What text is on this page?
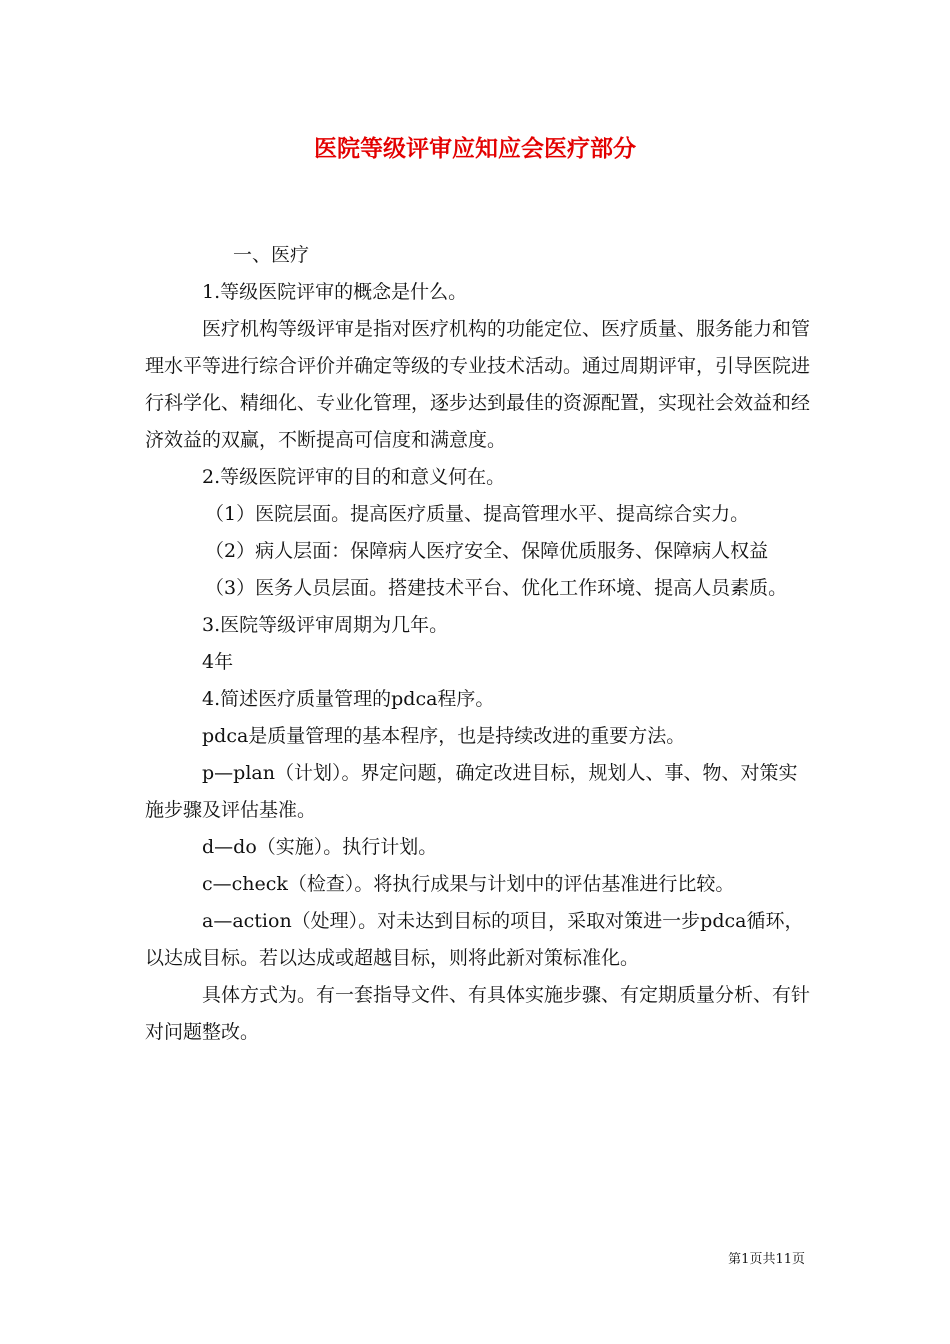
医院等级评审应知应会医疗部分

一、医疗

1.等级医院评审的概念是什么。

医疗机构等级评审是指对医疗机构的功能定位、医疗质量、服务能力和管理水平等进行综合评价并确定等级的专业技术活动。通过周期评审，引导医院进行科学化、精细化、专业化管理，逐步达到最佳的资源配置，实现社会效益和经济效益的双赢，不断提高可信度和满意度。

2.等级医院评审的目的和意义何在。

（1）医院层面。提高医疗质量、提高管理水平、提高综合实力。

（2）病人层面：保障病人医疗安全、保障优质服务、保障病人权益

（3）医务人员层面。搭建技术平台、优化工作环境、提高人员素质。

3.医院等级评审周期为几年。

4年

4.简述医疗质量管理的pdca程序。

pdca是质量管理的基本程序，也是持续改进的重要方法。

p—plan（计划）。界定问题，确定改进目标，规划人、事、物、对策实施步骤及评估基准。

d—do（实施）。执行计划。

c—check（检查）。将执行成果与计划中的评估基准进行比较。

a—action（处理）。对未达到目标的项目，采取对策进一步pdca循环，以达成目标。若以达成或超越目标，则将此新对策标准化。

具体方式为。有一套指导文件、有具体实施步骤、有定期质量分析、有针对问题整改。

第1页共11页
